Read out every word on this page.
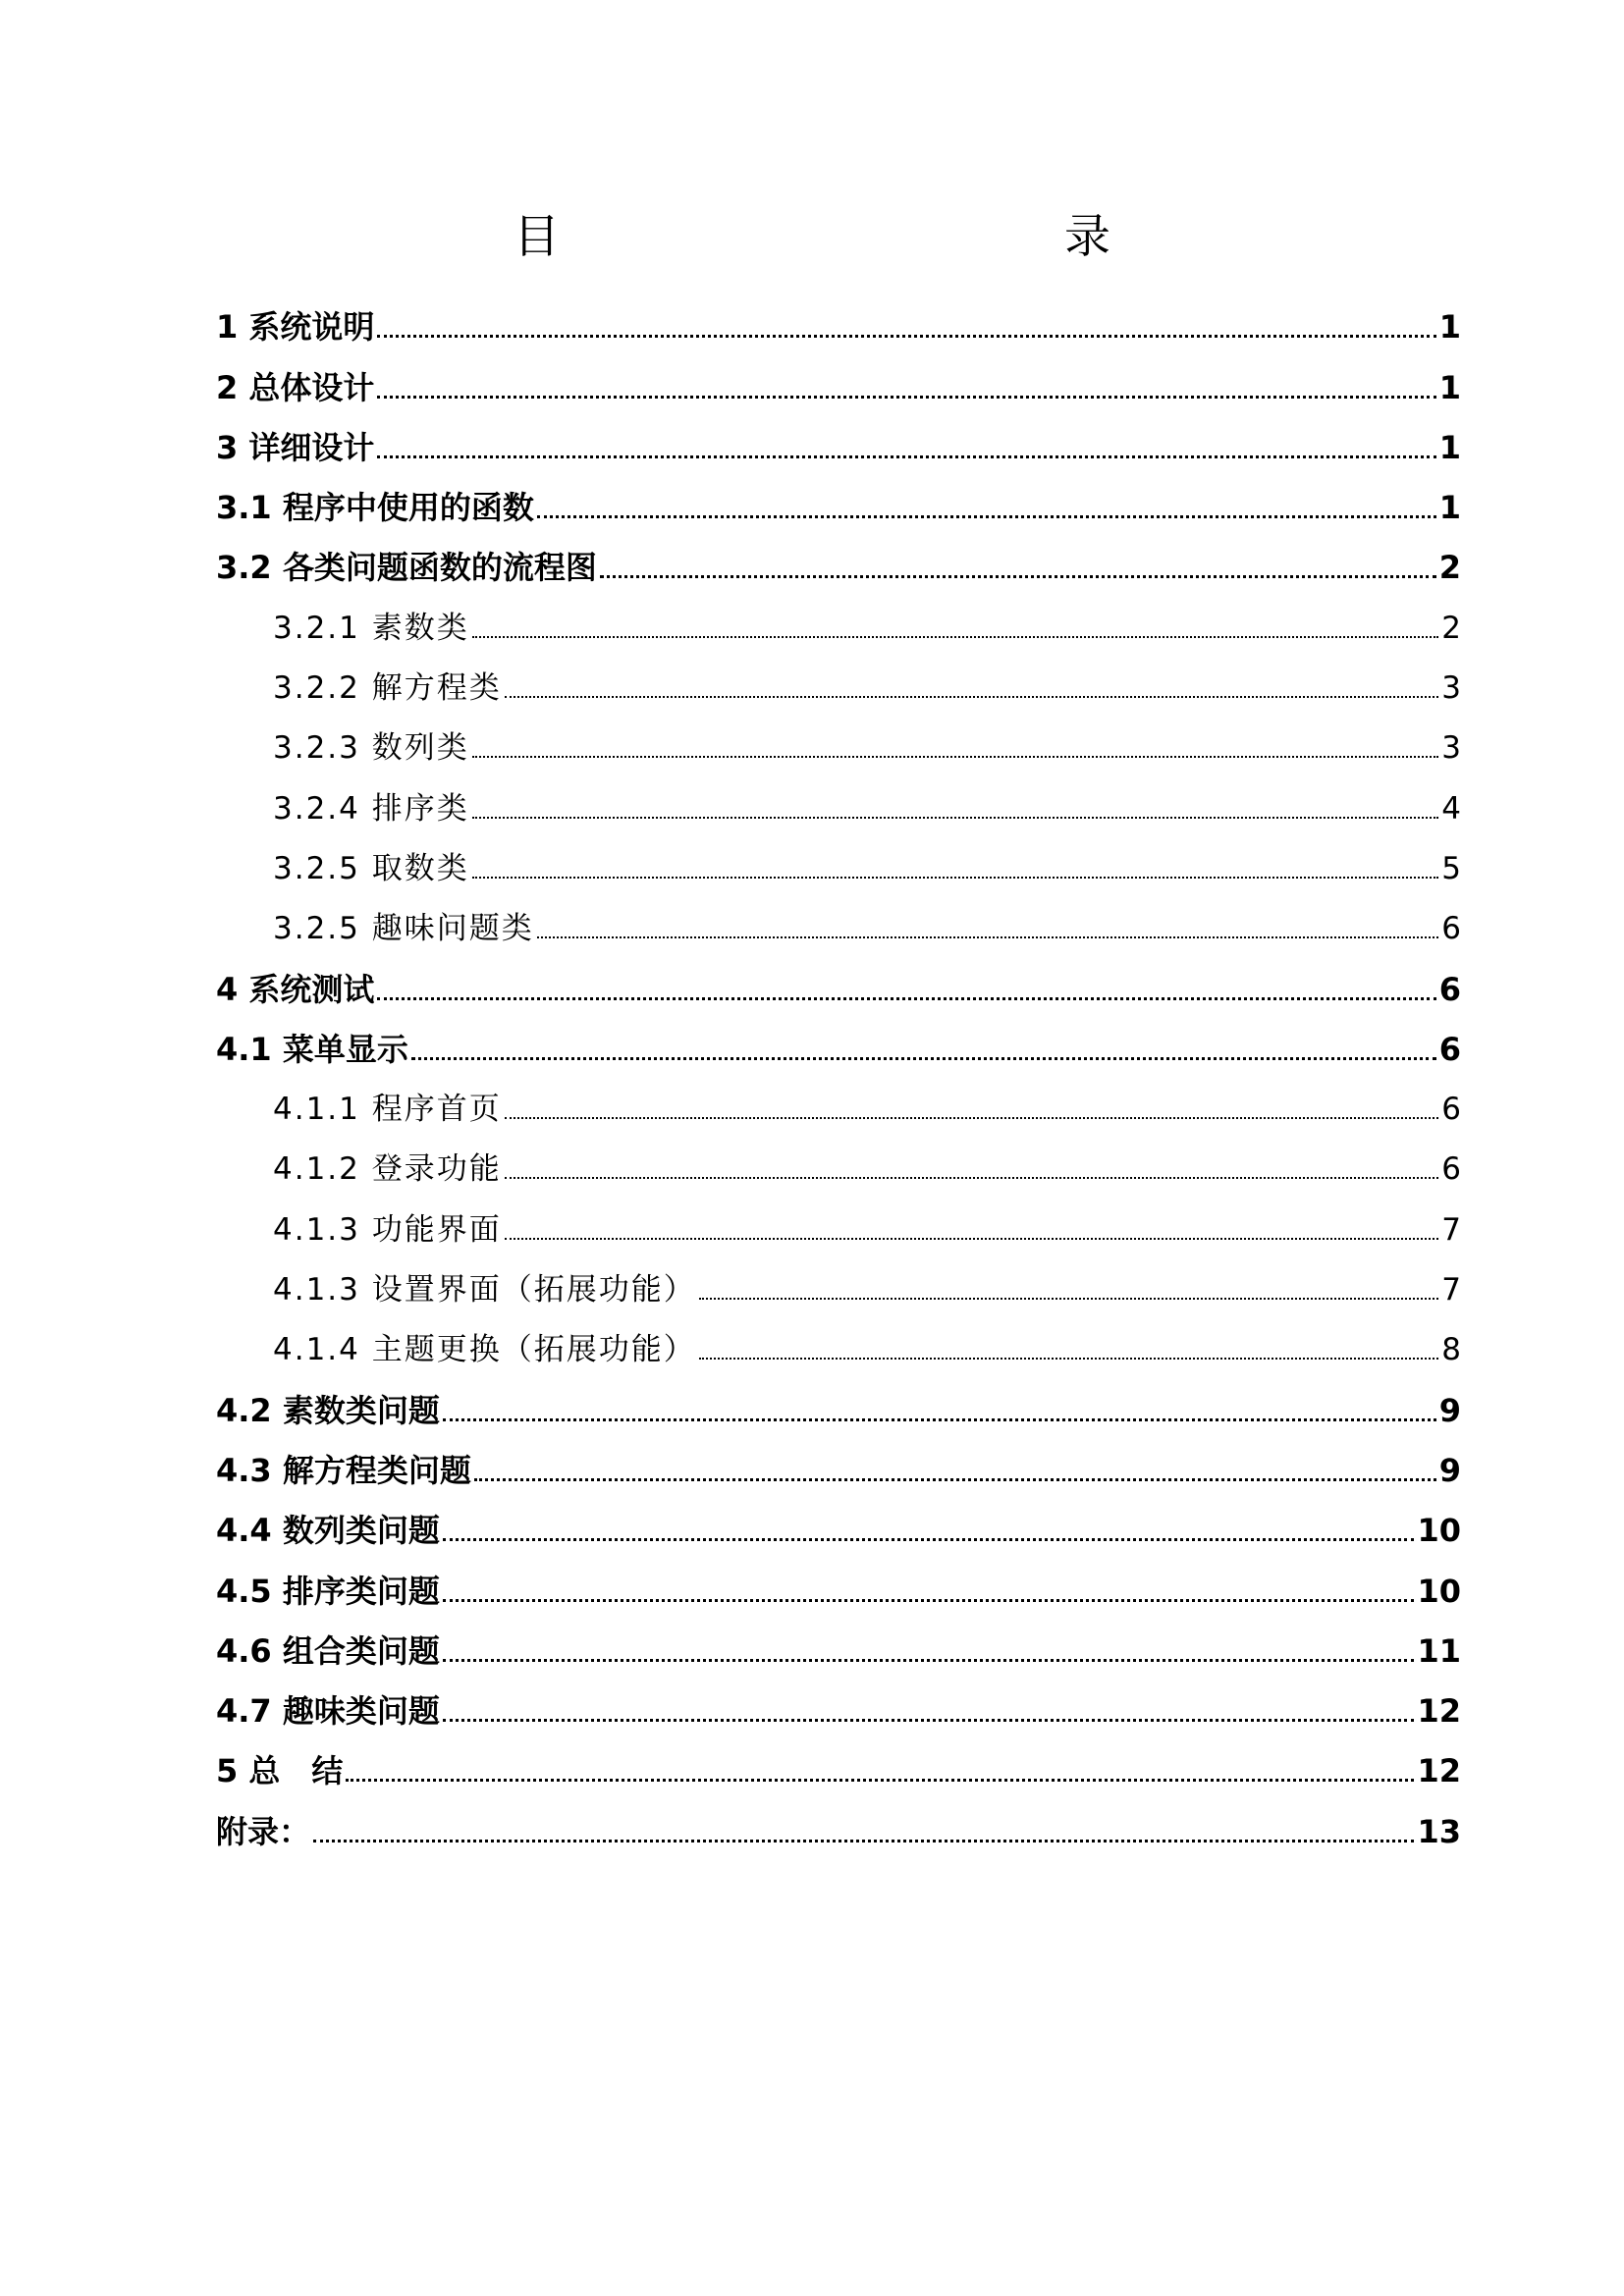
目　　录
1 系统说明	1
2 总体设计	1
3 详细设计	1
3.1 程序中使用的函数	1
3.2 各类问题函数的流程图	2
3.2.1 素数类	2
3.2.2 解方程类	3
3.2.3 数列类	3
3.2.4 排序类	4
3.2.5 取数类	5
3.2.5 趣味问题类	6
4 系统测试	6
4.1 菜单显示	6
4.1.1 程序首页	6
4.1.2 登录功能	6
4.1.3 功能界面	7
4.1.3 设置界面（拓展功能）	7
4.1.4 主题更换（拓展功能）	8
4.2 素数类问题	9
4.3 解方程类问题	9
4.4 数列类问题	10
4.5 排序类问题	10
4.6 组合类问题	11
4.7 趣味类问题	12
5 总　结	12
附录：	13
